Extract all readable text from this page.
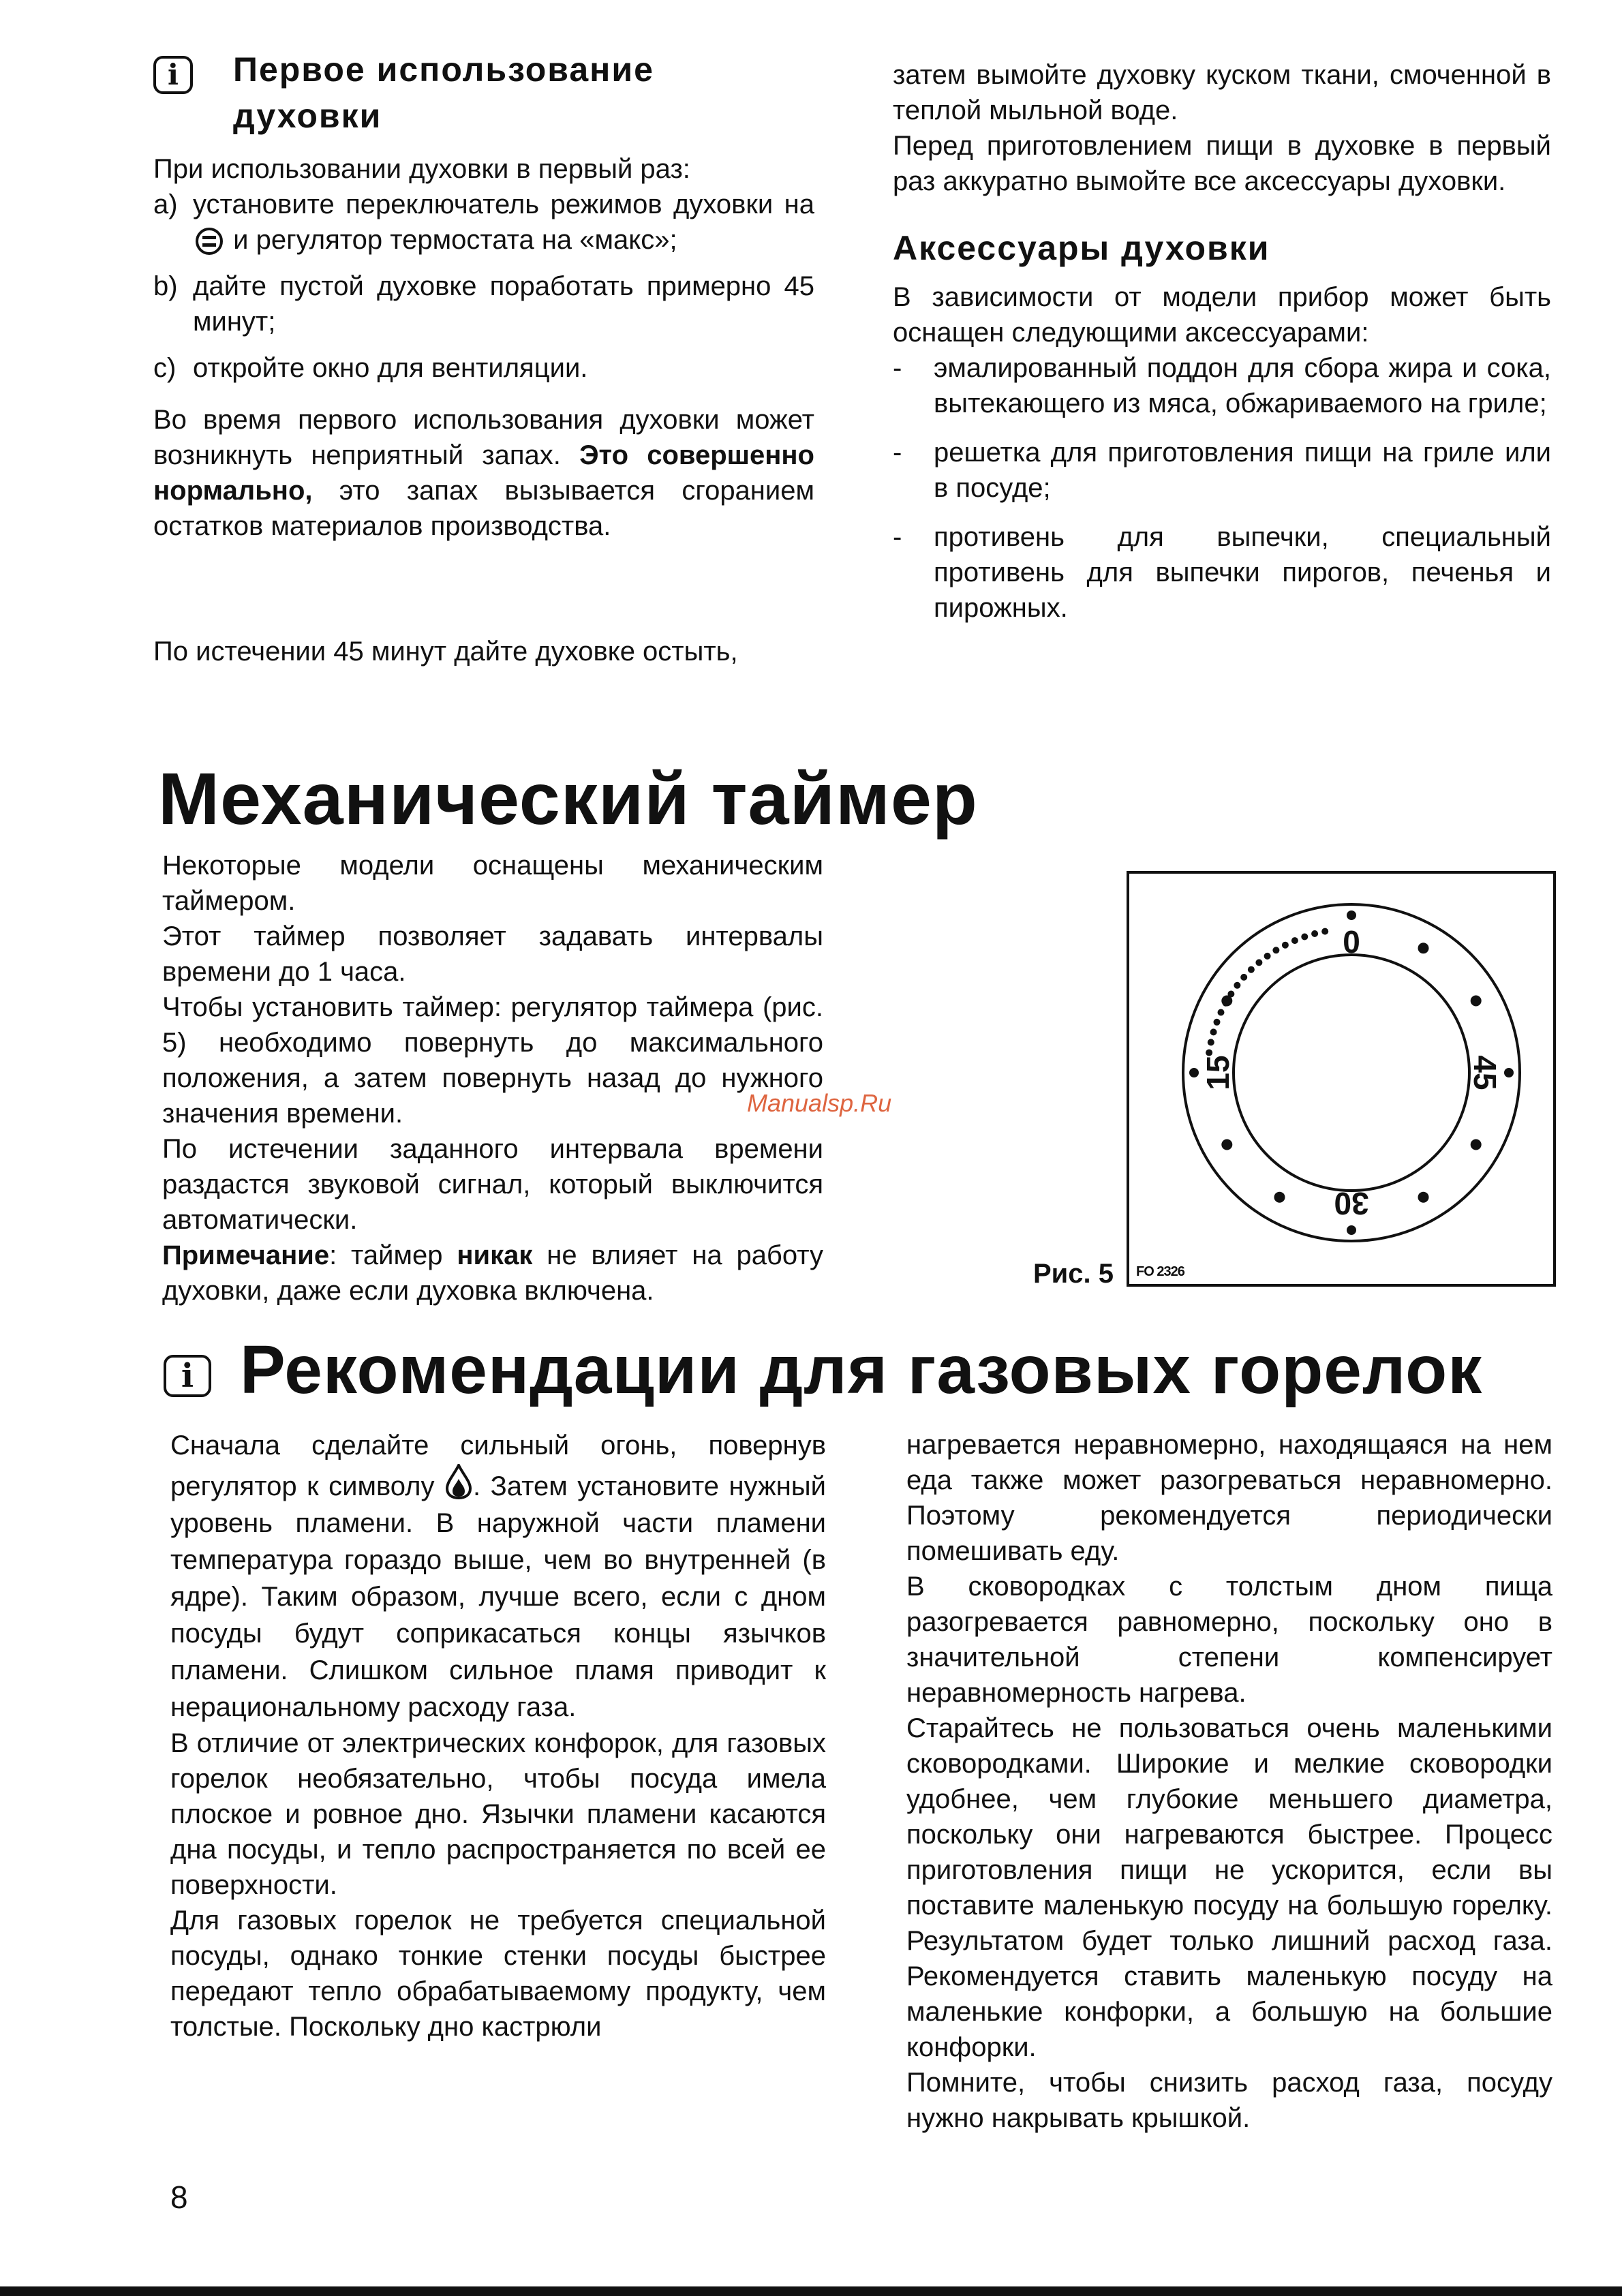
i	Первое использование

духовки

При использовании духовки в первый раз:

a) установите переключатель режимов духовки на
и регулятор термостата на «макс»;

b) дайте пустой духовке поработать примерно 45 минут;

c) откройте окно для вентиляции.

Во время первого использования духовки может возникнуть неприятный запах. Это совершенно нормально, это запах вызывается сгоранием остатков материалов производства.

По истечении 45 минут дайте духовке остыть,

затем вымойте духовку куском ткани, смоченной в теплой мыльной воде.

Перед приготовлением пищи в духовке в первый раз аккуратно вымойте все аксессуары духовки.

Аксессуары духовки

В зависимости от модели прибор может быть оснащен следующими аксессуарами:

- эмалированный поддон для сбора жира и сока, вытекающего из мяса, обжариваемого на гриле;

- решетка для приготовления пищи на гриле или в посуде;

- противень для выпечки, специальный противень для выпечки пирогов, печенья и пирожных.

Механический таймер

Некоторые модели оснащены механическим таймером.

Этот таймер позволяет задавать интервалы времени до 1 часа.

Чтобы установить таймер: регулятор таймера (рис. 5) необходимо повернуть до максимального положения, а затем повернуть назад до нужного значения времени.

По истечении заданного интервала времени раздастся звуковой сигнал, который выключится автоматически.

Примечание: таймер никак не влияет на работу духовки, даже если духовка включена.

Manualsp.Ru
0
45
30
15
FO 2326
Рис. 5
i Рекомендации для газовых горелок

Сначала сделайте сильный огонь, повернув регулятор к символу . Затем установите нужный уровень пламени. В наружной части пламени температура гораздо выше, чем во внутренней (в ядре). Таким образом, лучше всего, если с дном посуды будут соприкасаться концы язычков пламени. Слишком сильное пламя приводит к нерациональному расходу газа.

В отличие от электрических конфорок, для газовых горелок необязательно, чтобы посуда имела плоское и ровное дно. Язычки пламени касаются дна посуды, и тепло распространяется по всей ее поверхности.

Для газовых горелок не требуется специальной посуды, однако тонкие стенки посуды быстрее передают тепло обрабатываемому продукту, чем толстые. Поскольку дно кастрюли

нагревается неравномерно, находящаяся на нем еда также может разогреваться неравномерно. Поэтому рекомендуется периодически помешивать еду.

В сковородках с толстым дном пища разогревается равномерно, поскольку оно в значительной степени компенсирует неравномерность нагрева.

Старайтесь не пользоваться очень маленькими сковородками. Широкие и мелкие сковородки удобнее, чем глубокие меньшего диаметра, поскольку они нагреваются быстрее. Процесс приготовления пищи не ускорится, если вы поставите маленькую посуду на большую горелку. Результатом будет только лишний расход газа. Рекомендуется ставить маленькую посуду на маленькие конфорки, а большую на большие конфорки.

Помните, чтобы снизить расход газа, посуду нужно накрывать крышкой.

8
